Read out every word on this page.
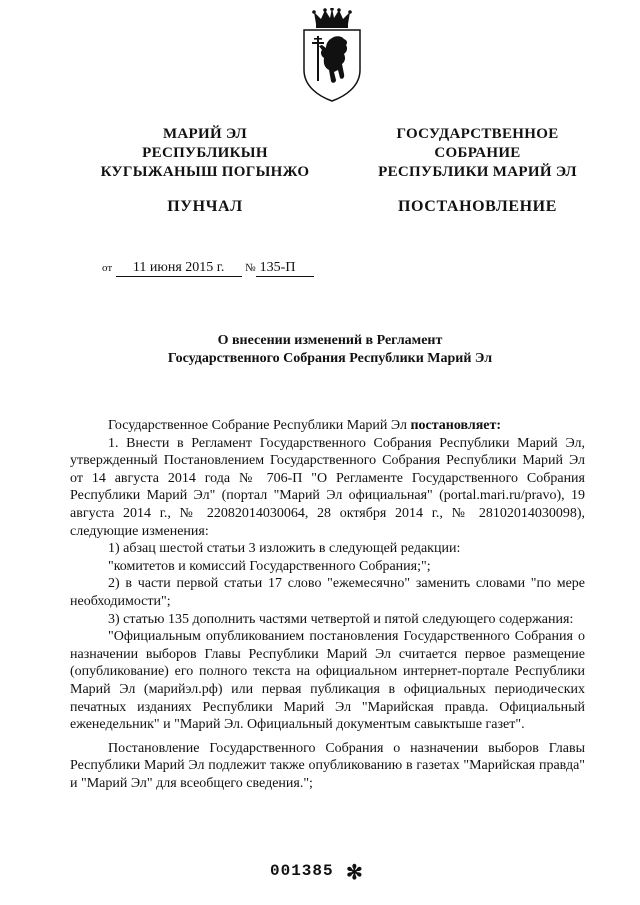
МАРИЙ ЭЛ
РЕСПУБЛИКЫН
КУГЫЖАНЫШ ПОГЫНЖО
ГОСУДАРСТВЕННОЕ
СОБРАНИЕ
РЕСПУБЛИКИ МАРИЙ ЭЛ
ПУНЧАЛ	ПОСТАНОВЛЕНИЕ
от 11 июня 2015 г. № 135-П
О внесении изменений в Регламент
Государственного Собрания Республики Марий Эл

Государственное Собрание Республики Марий Эл постановляет:

1. Внести в Регламент Государственного Собрания Республики Марий Эл, утвержденный Постановлением Государственного Собрания Республики Марий Эл от 14 августа 2014 года № 706-П "О Регламенте Государственного Собрания Республики Марий Эл" (портал "Марий Эл официальная" (portal.mari.ru/pravo), 19 августа 2014 г., № 22082014030064, 28 октября 2014 г., № 28102014030098), следующие изменения:

1) абзац шестой статьи 3 изложить в следующей редакции:

"комитетов и комиссий Государственного Собрания;";

2) в части первой статьи 17 слово "ежемесячно" заменить словами "по мере необходимости";

3) статью 135 дополнить частями четвертой и пятой следующего содержания:

"Официальным опубликованием постановления Государственного Собрания о назначении выборов Главы Республики Марий Эл считается первое размещение (опубликование) его полного текста на официальном интернет-портале Республики Марий Эл (марийэл.рф) или первая публикация в официальных периодических печатных изданиях Республики Марий Эл "Марийская правда. Официальный еженедельник" и "Марий Эл. Официальный документым савыктыше газет".

Постановление Государственного Собрания о назначении выборов Главы Республики Марий Эл подлежит также опубликованию в газетах "Марийская правда" и "Марий Эл" для всеобщего сведения.";

001385 ✻
